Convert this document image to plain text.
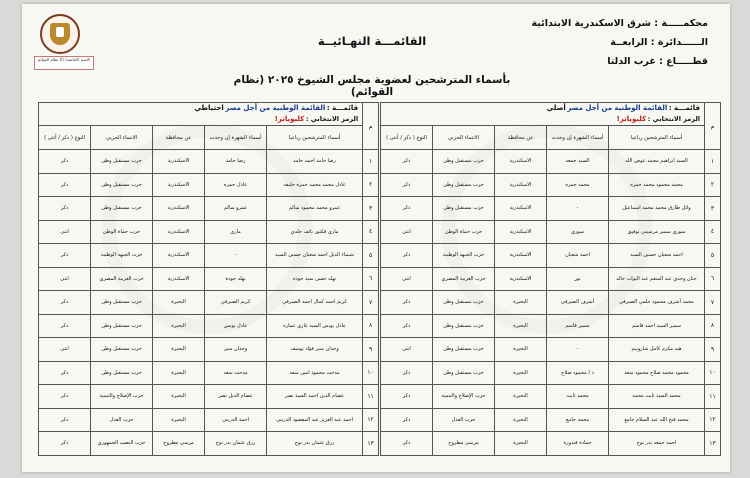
الاسم (القائمة) (أ) نظام القوائم
محكمـــــة : شرق الاسكندرية الابتدائية
الــــــدائرة : الرابعــة
قطـــــاع : غرب الدلتا
القائمـــة النهـائيــة
بأسماء المترشحين لعضوية مجلس الشيوخ ٢٠٢٥ (نظام القوائم)
م	قائمـــة : القائمة الوطنية من أجل مصر أصلي
الرمز الانتخابي : كلبوباتر!				

	أسماء المترشحين رباعيا	أسماء الشهرة إن وجدت	عن محافظة	الانتماء الحزبي	النوع ( ذكر / أنثى )
١	السيد ابراهيم محمد عوض الله	السيد جمعه	الاسكندرية	حزب مستقبل وطن	ذكر
٢	محمد محمود محمد حمزه	محمد حمزه	الاسكندرية	حزب مستقبل وطن	ذكر
٣	وائل طارق محمد محمد اسماعيل	-	الاسكندرية	حزب مستقبل وطن	ذكر
٤	سوزي سمير مرسيني توفيق	سوزي	الاسكندرية	حزب حماة الوطن	انثى
٥	احمد شعبان حسين السيد	احمد شعبان	الاسكندرية	حزب الجبهة الوطنية	ذكر
٦	حنان وجدي عبد المنعم عبد التواب خالد	نور	الاسكندرية	حزب العربية المصري	انثى
٧	محمد أشرف محمود حلمي الصيرفي	أشرف الصيرفي	البحيرة	حزب مستقبل وطن	ذكر
٨	سمير السيد احمد قاسم	سمير قاسم	البحيرة	حزب مستقبل وطن	ذكر
٩	هبه مكرم كامل شاروبيم	-	البحيرة	حزب مستقبل وطن	انثى
١٠	محمود محمد صلاح محمود سعد	د / محمود صلاح	البحيرة	حزب مستقبل وطن	ذكر
١١	محمد السيد ثابت محمد	محمد ثابت	البحيرة	حزب الإصلاح والتنمية	ذكر
١٢	محمد فتح الله عبد السلام جامع	محمد جامع	البحيرة	حزب العدل	ذكر
١٣	احمد جمعه بدر نوح	حمادة قندورة	البحيرة	مرسى مطروح	ذكر
م	قائمـــة : القائمة الوطنية من أجل مصر احتياطي
الرمز الانتخابي : كلبوباتر!				

	أسماء المترشحين رباعيا	أسماء الشهرة إن وجدت	عن محافظة	الانتماء الحزبي	النوع ( ذكر / أنثى )
١	رضا حامد احمد حامد	رضا حامد	الاسكندرية	حزب مستقبل وطن	ذكر
٢	عادل محمد محمد حمزه خليفه	عادل حمزه	الاسكندرية	حزب مستقبل وطن	ذكر
٣	عمرو محمد محمود سالم	عمرو سالم	الاسكندرية	حزب مستقبل وطن	ذكر
٤	ماري فكتور نائف جلدي	ماري	الاسكندرية	حزب حماة الوطن	انثى
٥	شيماء الديل احمد شعبان حسين السيد	-	الاسكندرية	حزب الجبهة الوطنية	ذكر
٦	نهله حسن سيد جوده	نهله جودة	الاسكندرية	حزب العربية المصري	انثى
٧	كريم احمد كمال احمد الصيرفي	كريم الصيرفي	البحيرة	حزب مستقبل وطن	ذكر
٨	عادل يونس السيد غازي عماره	عادل يونس	البحيرة	حزب مستقبل وطن	ذكر
٩	وجدان منير فؤاد يوسف	وجدان منير	البحيرة	حزب مستقبل وطن	انثى
١٠	مدحت محمود امين سعد	مدحت سعد	البحيرة	حزب مستقبل وطن	ذكر
١١	عصام الدين احمد السيد نصر	عصام الديل نصر	البحيرة	حزب الإصلاح والتنمية	ذكر
١٢	احمد عبد العزيز عبد المقصود الدرينى	احمد الدريني	البحيرة	حزب العدل	ذكر
١٣	رزق عثمان بدر نوح	رزق عثمان بدر نوح	مرسى مطروح	حزب النصب الجمهوري	ذكر
